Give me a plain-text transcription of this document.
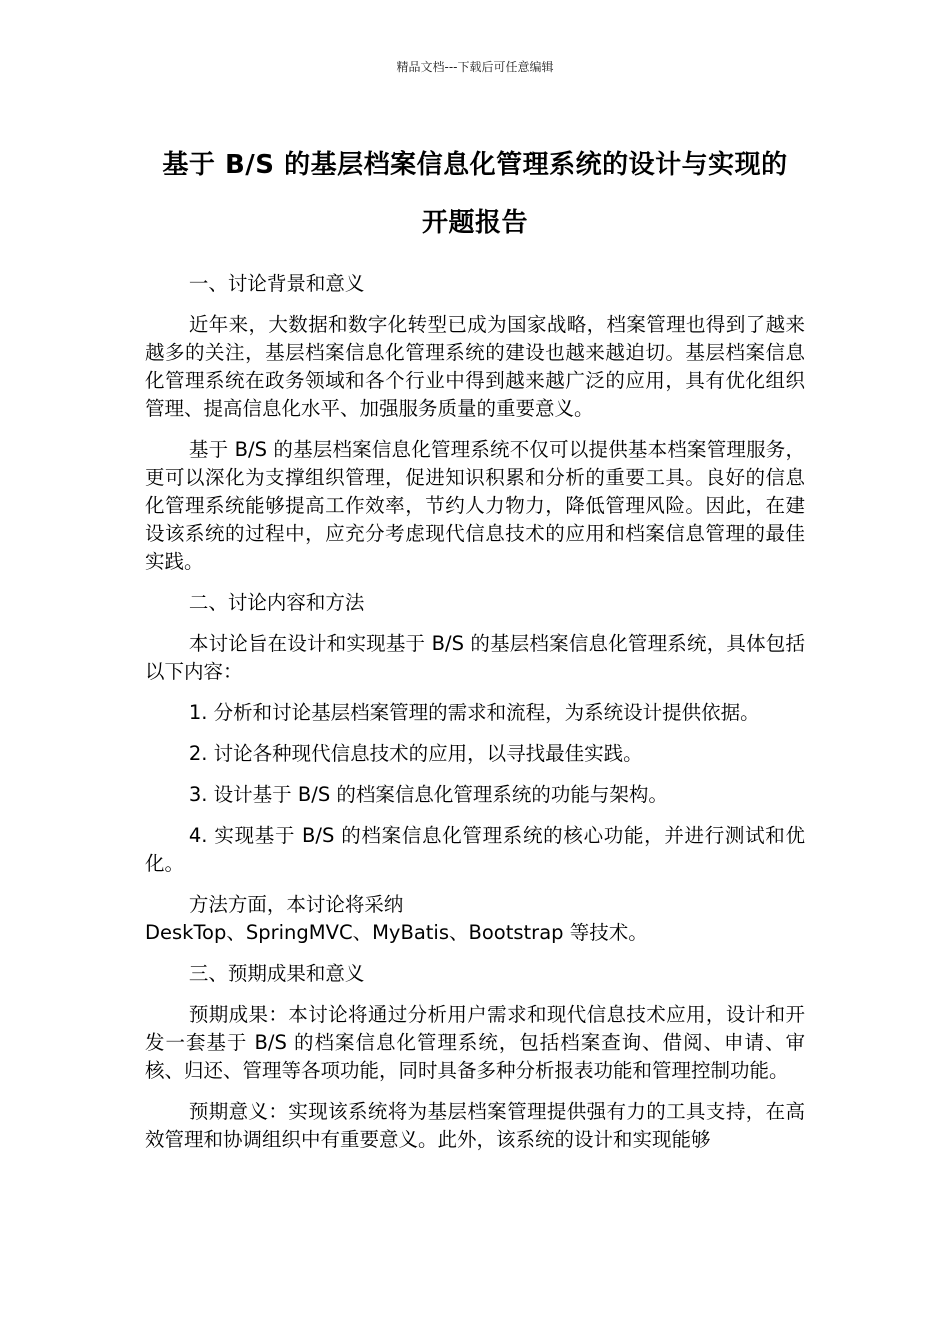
精品文档---下载后可任意编辑
基于 B/S 的基层档案信息化管理系统的设计与实现的
开题报告

一、讨论背景和意义

近年来，大数据和数字化转型已成为国家战略，档案管理也得到了越来越多的关注，基层档案信息化管理系统的建设也越来越迫切。基层档案信息化管理系统在政务领域和各个行业中得到越来越广泛的应用，具有优化组织管理、提高信息化水平、加强服务质量的重要意义。

基于 B/S 的基层档案信息化管理系统不仅可以提供基本档案管理服务，更可以深化为支撑组织管理，促进知识积累和分析的重要工具。良好的信息化管理系统能够提高工作效率，节约人力物力，降低管理风险。因此，在建设该系统的过程中，应充分考虑现代信息技术的应用和档案信息管理的最佳实践。

二、讨论内容和方法

本讨论旨在设计和实现基于 B/S 的基层档案信息化管理系统，具体包括以下内容：

1. 分析和讨论基层档案管理的需求和流程，为系统设计提供依据。

2. 讨论各种现代信息技术的应用，以寻找最佳实践。

3. 设计基于 B/S 的档案信息化管理系统的功能与架构。

4. 实现基于 B/S 的档案信息化管理系统的核心功能，并进行测试和优化。

方法方面，本讨论将采纳
DeskTop、SpringMVC、MyBatis、Bootstrap 等技术。

三、预期成果和意义

预期成果：本讨论将通过分析用户需求和现代信息技术应用，设计和开发一套基于 B/S 的档案信息化管理系统，包括档案查询、借阅、申请、审核、归还、管理等各项功能，同时具备多种分析报表功能和管理控制功能。

预期意义：实现该系统将为基层档案管理提供强有力的工具支持，在高效管理和协调组织中有重要意义。此外，该系统的设计和实现能够
